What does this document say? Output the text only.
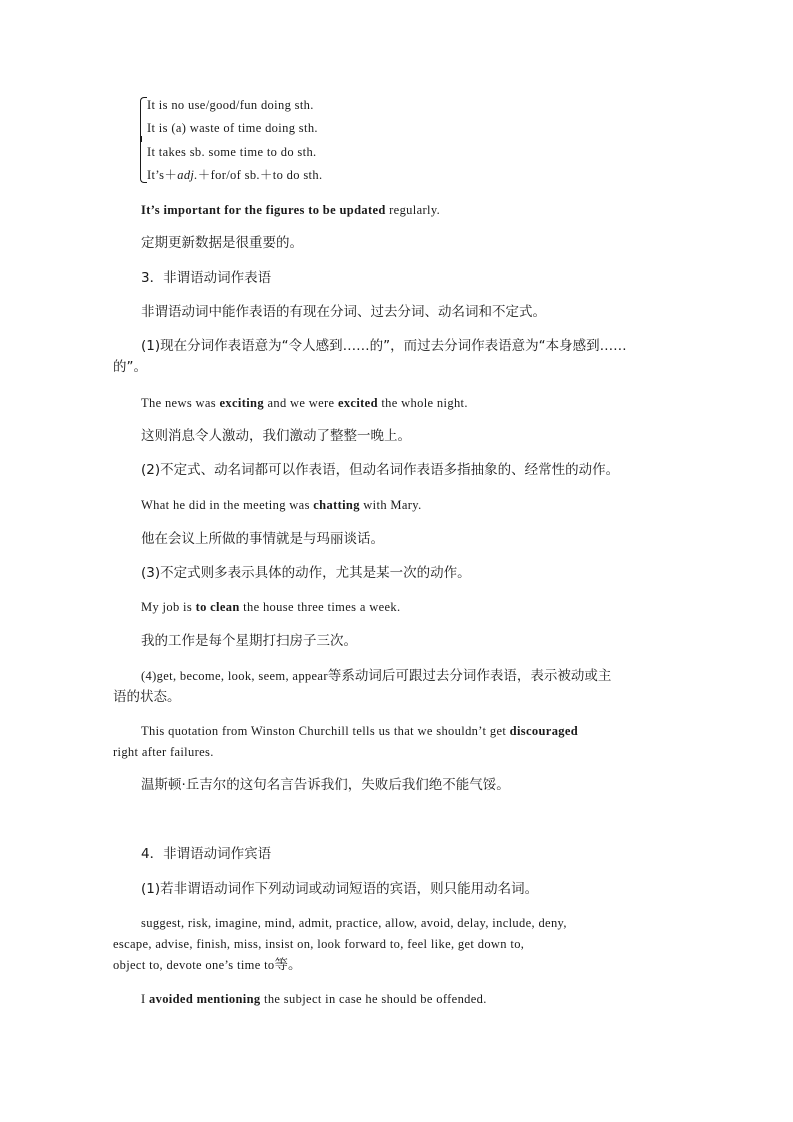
It is no use/good/fun doing sth.
It is (a) waste of time doing sth.
It takes sb. some time to do sth.
It’s＋adj.＋for/of sb.＋to do sth.
It’s important for the figures to be updated regularly.
定期更新数据是很重要的。
3．非谓语动词作表语
非谓语动词中能作表语的有现在分词、过去分词、动名词和不定式。
(1)现在分词作表语意为“令人感到……的”，而过去分词作表语意为“本身感到……
的”。
The news was exciting and we were excited the whole night.
这则消息令人激动，我们激动了整整一晚上。
(2)不定式、动名词都可以作表语，但动名词作表语多指抽象的、经常性的动作。
What he did in the meeting was chatting with Mary.
他在会议上所做的事情就是与玛丽谈话。
(3)不定式则多表示具体的动作，尤其是某一次的动作。
My job is to clean the house three times a week.
我的工作是每个星期打扫房子三次。
(4)get, become, look, seem, appear等系动词后可跟过去分词作表语，表示被动或主
语的状态。
This quotation from Winston Churchill tells us that we shouldn’t get discouraged
right after failures.
温斯顿·丘吉尔的这句名言告诉我们，失败后我们绝不能气馁。
4．非谓语动词作宾语
(1)若非谓语动词作下列动词或动词短语的宾语，则只能用动名词。
suggest, risk, imagine, mind, admit, practice, allow, avoid, delay, include, deny,
escape, advise, finish, miss, insist on, look forward to, feel like, get down to,
object to, devote one’s time to等。
I avoided mentioning the subject in case he should be offended.
